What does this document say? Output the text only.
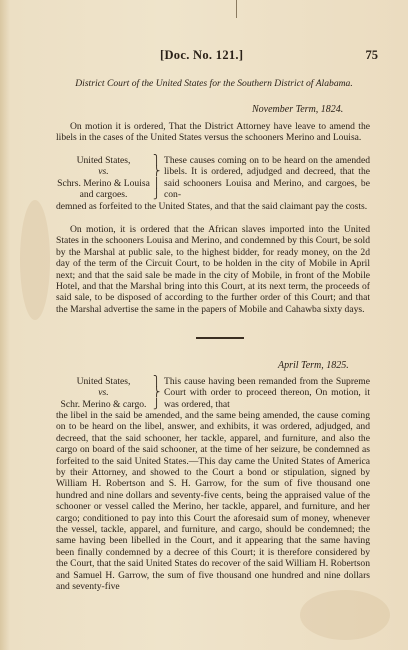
[Doc. No. 121.]	75
District Court of the United States for the Southern District of Alabama.
November Term, 1824.
On motion it is ordered, That the District Attorney have leave to amend the libels in the cases of the United States versus the schooners Merino and Louisa.
United States,
vs.
Schrs. Merino & Louisa
and cargoes.
⎫
⎬
⎪
⎭
These causes coming on to be heard on the amended libels. It is ordered, adjudged and decreed, that the said schooners Louisa and Merino, and cargoes, be con-
demned as forfeited to the United States, and that the said claimant pay the costs.
On motion, it is ordered that the African slaves imported into the United States in the schooners Louisa and Merino, and condemned by this Court, be sold by the Marshal at public sale, to the highest bidder, for ready money, on the 2d day of the term of the Circuit Court, to be holden in the city of Mobile in April next; and that the said sale be made in the city of Mobile, in front of the Mobile Hotel, and that the Marshal bring into this Court, at its next term, the proceeds of said sale, to be disposed of according to the further order of this Court; and that the Marshal advertise the same in the papers of Mobile and Cahawba sixty days.
April Term, 1825.
United States,
vs.
Schr. Merino & cargo.
⎫
⎬
⎭
This cause having been remanded from the Supreme Court with order to proceed thereon, On motion, it was ordered, that
the libel in the said be amended, and the same being amended, the cause coming on to be heard on the libel, answer, and exhibits, it was ordered, adjudged, and decreed, that the said schooner, her tackle, apparel, and furniture, and also the cargo on board of the said schooner, at the time of her seizure, be condemned as forfeited to the said United States.—This day came the United States of America by their Attorney, and showed to the Court a bond or stipulation, signed by William H. Robertson and S. H. Garrow, for the sum of five thousand one hundred and nine dollars and seventy-five cents, being the appraised value of the schooner or vessel called the Merino, her tackle, apparel, and furniture, and her cargo; conditioned to pay into this Court the aforesaid sum of money, whenever the vessel, tackle, apparel, and furniture, and cargo, should be condemned; the same having been libelled in the Court, and it appearing that the same having been finally condemned by a decree of this Court; it is therefore considered by the Court, that the said United States do recover of the said William H. Robertson and Samuel H. Garrow, the sum of five thousand one hundred and nine dollars and seventy-five
